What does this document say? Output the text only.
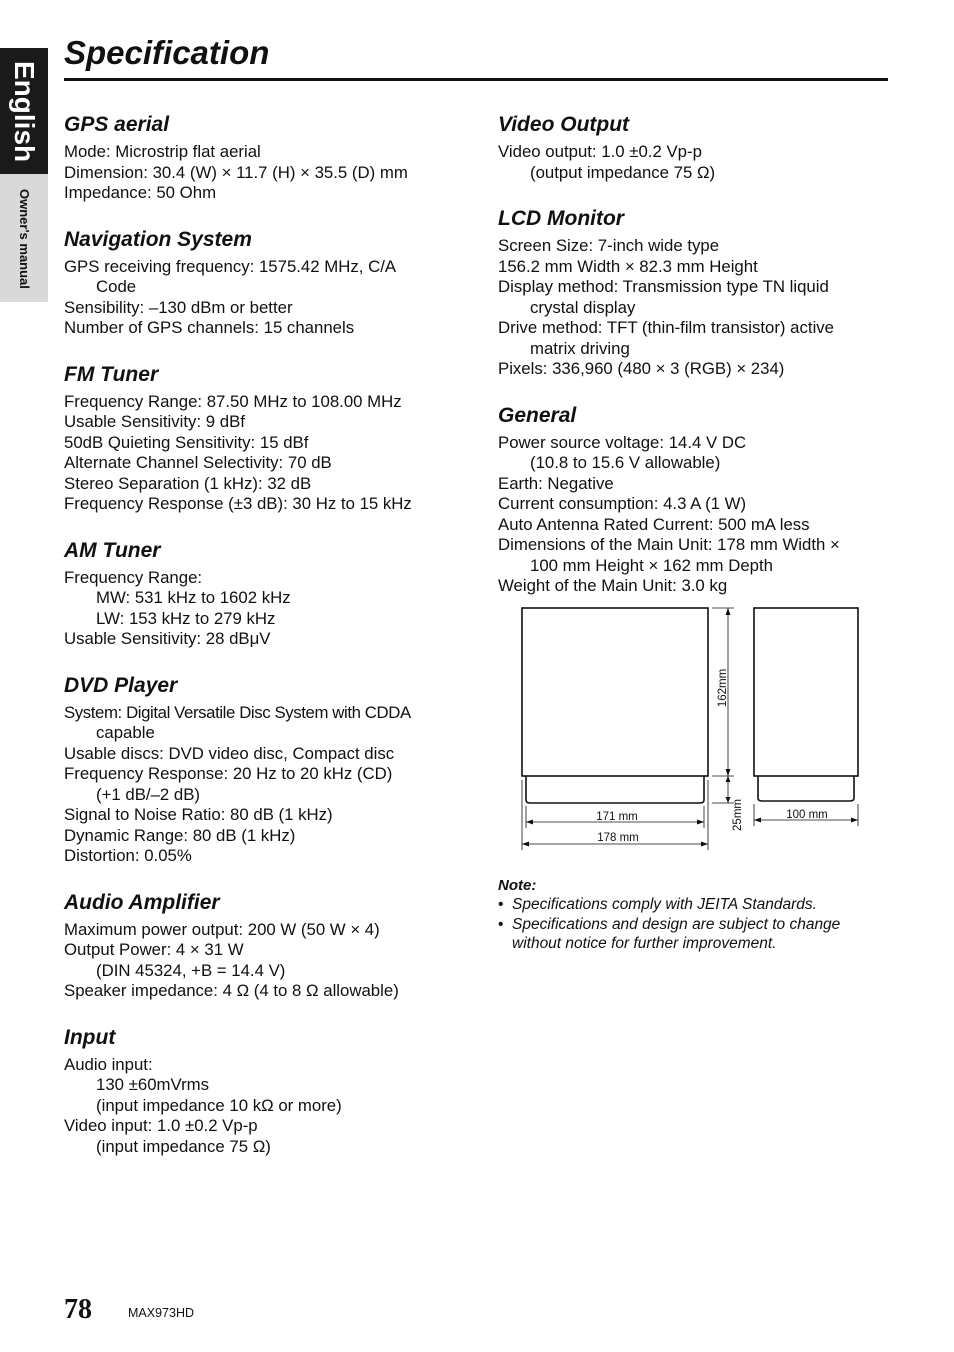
English
Owner's manual
Specification
GPS aerial
Mode: Microstrip flat aerial
Dimension: 30.4 (W) × 11.7 (H) × 35.5 (D) mm
Impedance: 50 Ohm
Navigation System
GPS receiving frequency: 1575.42 MHz, C/A
Code
Sensibility: –130 dBm or better
Number of GPS channels: 15 channels
FM Tuner
Frequency Range: 87.50 MHz to 108.00 MHz
Usable Sensitivity: 9 dBf
50dB Quieting Sensitivity: 15 dBf
Alternate Channel Selectivity: 70 dB
Stereo Separation (1 kHz): 32 dB
Frequency Response (±3 dB): 30 Hz to 15 kHz
AM Tuner
Frequency Range:
MW: 531 kHz to 1602 kHz
LW: 153 kHz to 279 kHz
Usable Sensitivity: 28 dBμV
DVD Player
System: Digital Versatile Disc System with CDDA
capable
Usable discs: DVD video disc, Compact disc
Frequency Response: 20 Hz to 20 kHz (CD)
(+1 dB/–2 dB)
Signal to Noise Ratio: 80 dB (1 kHz)
Dynamic Range: 80 dB (1 kHz)
Distortion: 0.05%
Audio Amplifier
Maximum power output: 200 W (50 W × 4)
Output Power: 4 × 31 W
(DIN 45324, +B = 14.4 V)
Speaker impedance: 4 Ω (4 to 8 Ω allowable)
Input
Audio input:
130 ±60mVrms
(input impedance 10 kΩ or more)
Video input: 1.0 ±0.2 Vp-p
(input impedance 75 Ω)
Video Output
Video output: 1.0 ±0.2 Vp-p
(output impedance 75 Ω)
LCD Monitor
Screen Size: 7-inch wide type
156.2 mm Width × 82.3 mm Height
Display method: Transmission type TN liquid
crystal display
Drive method: TFT (thin-film transistor) active
matrix driving
Pixels: 336,960 (480 × 3 (RGB) × 234)
General
Power source voltage: 14.4 V DC
(10.8 to 15.6 V allowable)
Earth: Negative
Current consumption: 4.3 A (1 W)
Auto Antenna Rated Current: 500 mA less
Dimensions of the Main Unit: 178 mm Width ×
100 mm Height × 162 mm Depth
Weight of the Main Unit: 3.0 kg
171 mm
178 mm
162mm
25mm	100 mm
Note:
• Specifications comply with JEITA Standards.
• Specifications and design are subject to change
without notice for further improvement.
78	MAX973HD
